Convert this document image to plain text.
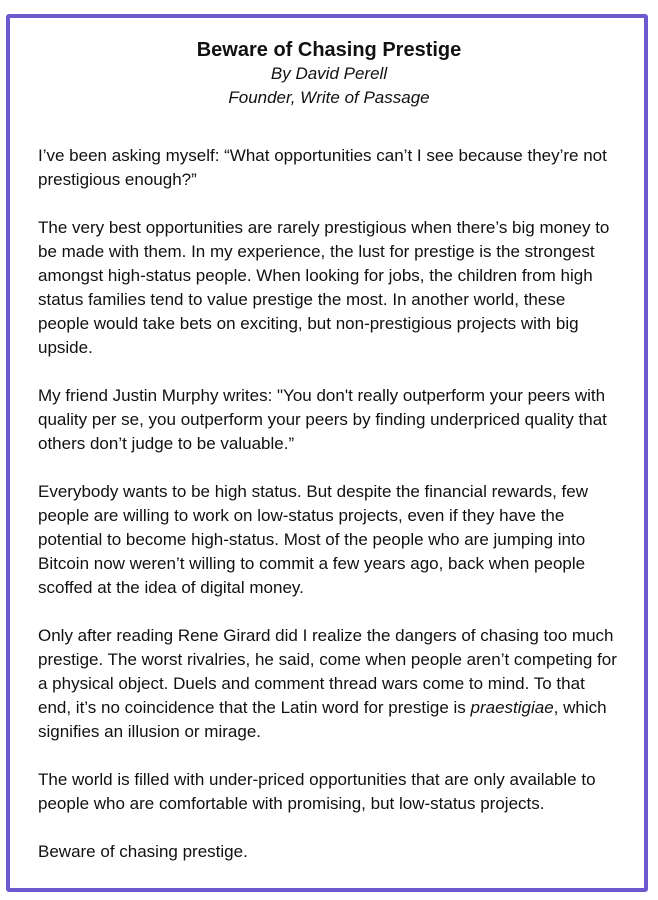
Beware of Chasing Prestige

By David Perell

Founder, Write of Passage

I’ve been asking myself: “What opportunities can’t I see because they’re not prestigious enough?”

The very best opportunities are rarely prestigious when there’s big money to be made with them. In my experience, the lust for prestige is the strongest amongst high-status people. When looking for jobs, the children from high status families tend to value prestige the most. In another world, these people would take bets on exciting, but non-prestigious projects with big upside.

My friend Justin Murphy writes: "You don't really outperform your peers with quality per se, you outperform your peers by finding underpriced quality that others don’t judge to be valuable.”

Everybody wants to be high status. But despite the financial rewards, few people are willing to work on low-status projects, even if they have the potential to become high-status. Most of the people who are jumping into Bitcoin now weren’t willing to commit a few years ago, back when people scoffed at the idea of digital money.

Only after reading Rene Girard did I realize the dangers of chasing too much prestige. The worst rivalries, he said, come when people aren’t competing for a physical object. Duels and comment thread wars come to mind. To that end, it’s no coincidence that the Latin word for prestige is praestigiae, which signifies an illusion or mirage.

The world is filled with under-priced opportunities that are only available to people who are comfortable with promising, but low-status projects.

Beware of chasing prestige.
